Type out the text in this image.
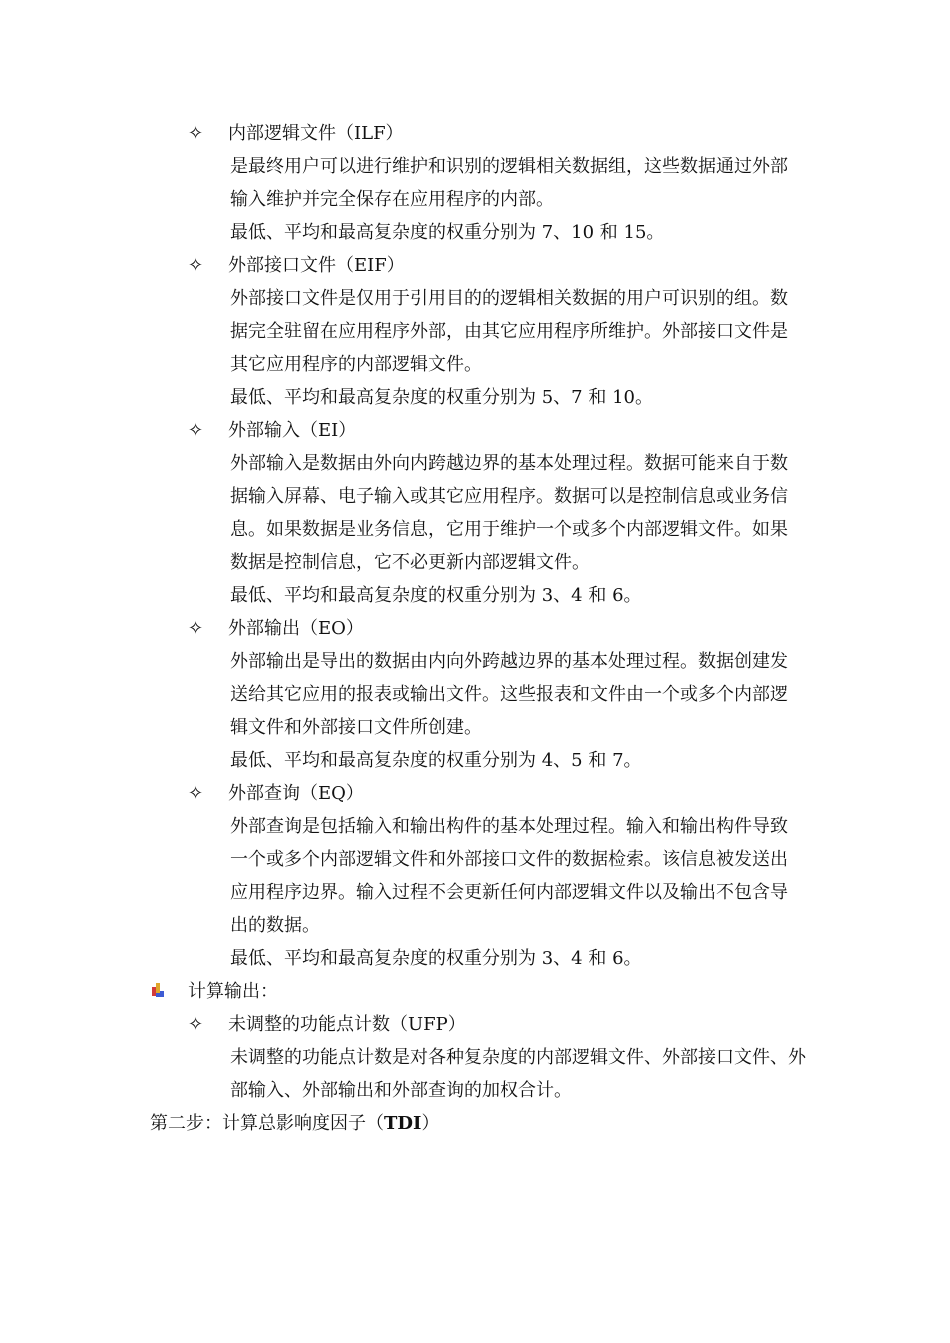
✧ 内部逻辑文件（ILF）
是最终用户可以进行维护和识别的逻辑相关数据组，这些数据通过外部
输入维护并完全保存在应用程序的内部。
最低、平均和最高复杂度的权重分别为 7、10 和 15。
✧ 外部接口文件（EIF）
外部接口文件是仅用于引用目的的逻辑相关数据的用户可识别的组。数
据完全驻留在应用程序外部，由其它应用程序所维护。外部接口文件是
其它应用程序的内部逻辑文件。
最低、平均和最高复杂度的权重分别为 5、7 和 10。
✧ 外部输入（EI）
外部输入是数据由外向内跨越边界的基本处理过程。数据可能来自于数
据输入屏幕、电子输入或其它应用程序。数据可以是控制信息或业务信
息。如果数据是业务信息，它用于维护一个或多个内部逻辑文件。如果
数据是控制信息，它不必更新内部逻辑文件。
最低、平均和最高复杂度的权重分别为 3、4 和 6。
✧ 外部输出（EO）
外部输出是导出的数据由内向外跨越边界的基本处理过程。数据创建发
送给其它应用的报表或输出文件。这些报表和文件由一个或多个内部逻
辑文件和外部接口文件所创建。
最低、平均和最高复杂度的权重分别为 4、5 和 7。
✧ 外部查询（EQ）
外部查询是包括输入和输出构件的基本处理过程。输入和输出构件导致
一个或多个内部逻辑文件和外部接口文件的数据检索。该信息被发送出
应用程序边界。输入过程不会更新任何内部逻辑文件以及输出不包含导
出的数据。
最低、平均和最高复杂度的权重分别为 3、4 和 6。
计算输出：
✧ 未调整的功能点计数（UFP）
未调整的功能点计数是对各种复杂度的内部逻辑文件、外部接口文件、外
部输入、外部输出和外部查询的加权合计。
第二步：计算总影响度因子（TDI）
